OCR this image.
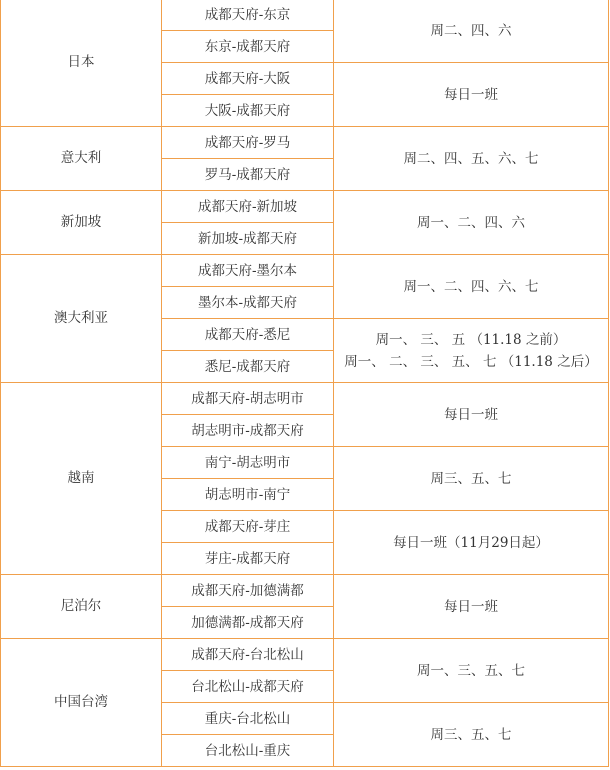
日本	成都天府-东京	周二、四、六

	东京-成都天府	
	成都天府-大阪	每日一班

	大阪-成都天府	
意大利	成都天府-罗马	周二、四、五、六、七

	罗马-成都天府	
新加坡	成都天府-新加坡	周一、二、四、六

	新加坡-成都天府	
澳大利亚	成都天府-墨尔本	周一、二、四、六、七

	墨尔本-成都天府	
	成都天府-悉尼	周一、 三、 五 （11.18 之前）
周一、 二、 三、 五、 七 （11.18 之后）

	悉尼-成都天府	
越南	成都天府-胡志明市	每日一班

	胡志明市-成都天府	
	南宁-胡志明市	周三、五、七

	胡志明市-南宁	
	成都天府-芽庄	每日一班（11月29日起）

	芽庄-成都天府	
尼泊尔	成都天府-加德满都	每日一班

	加德满都-成都天府	
中国台湾	成都天府-台北松山	周一、三、五、七

	台北松山-成都天府	
	重庆-台北松山	周三、五、七

	台北松山-重庆	
